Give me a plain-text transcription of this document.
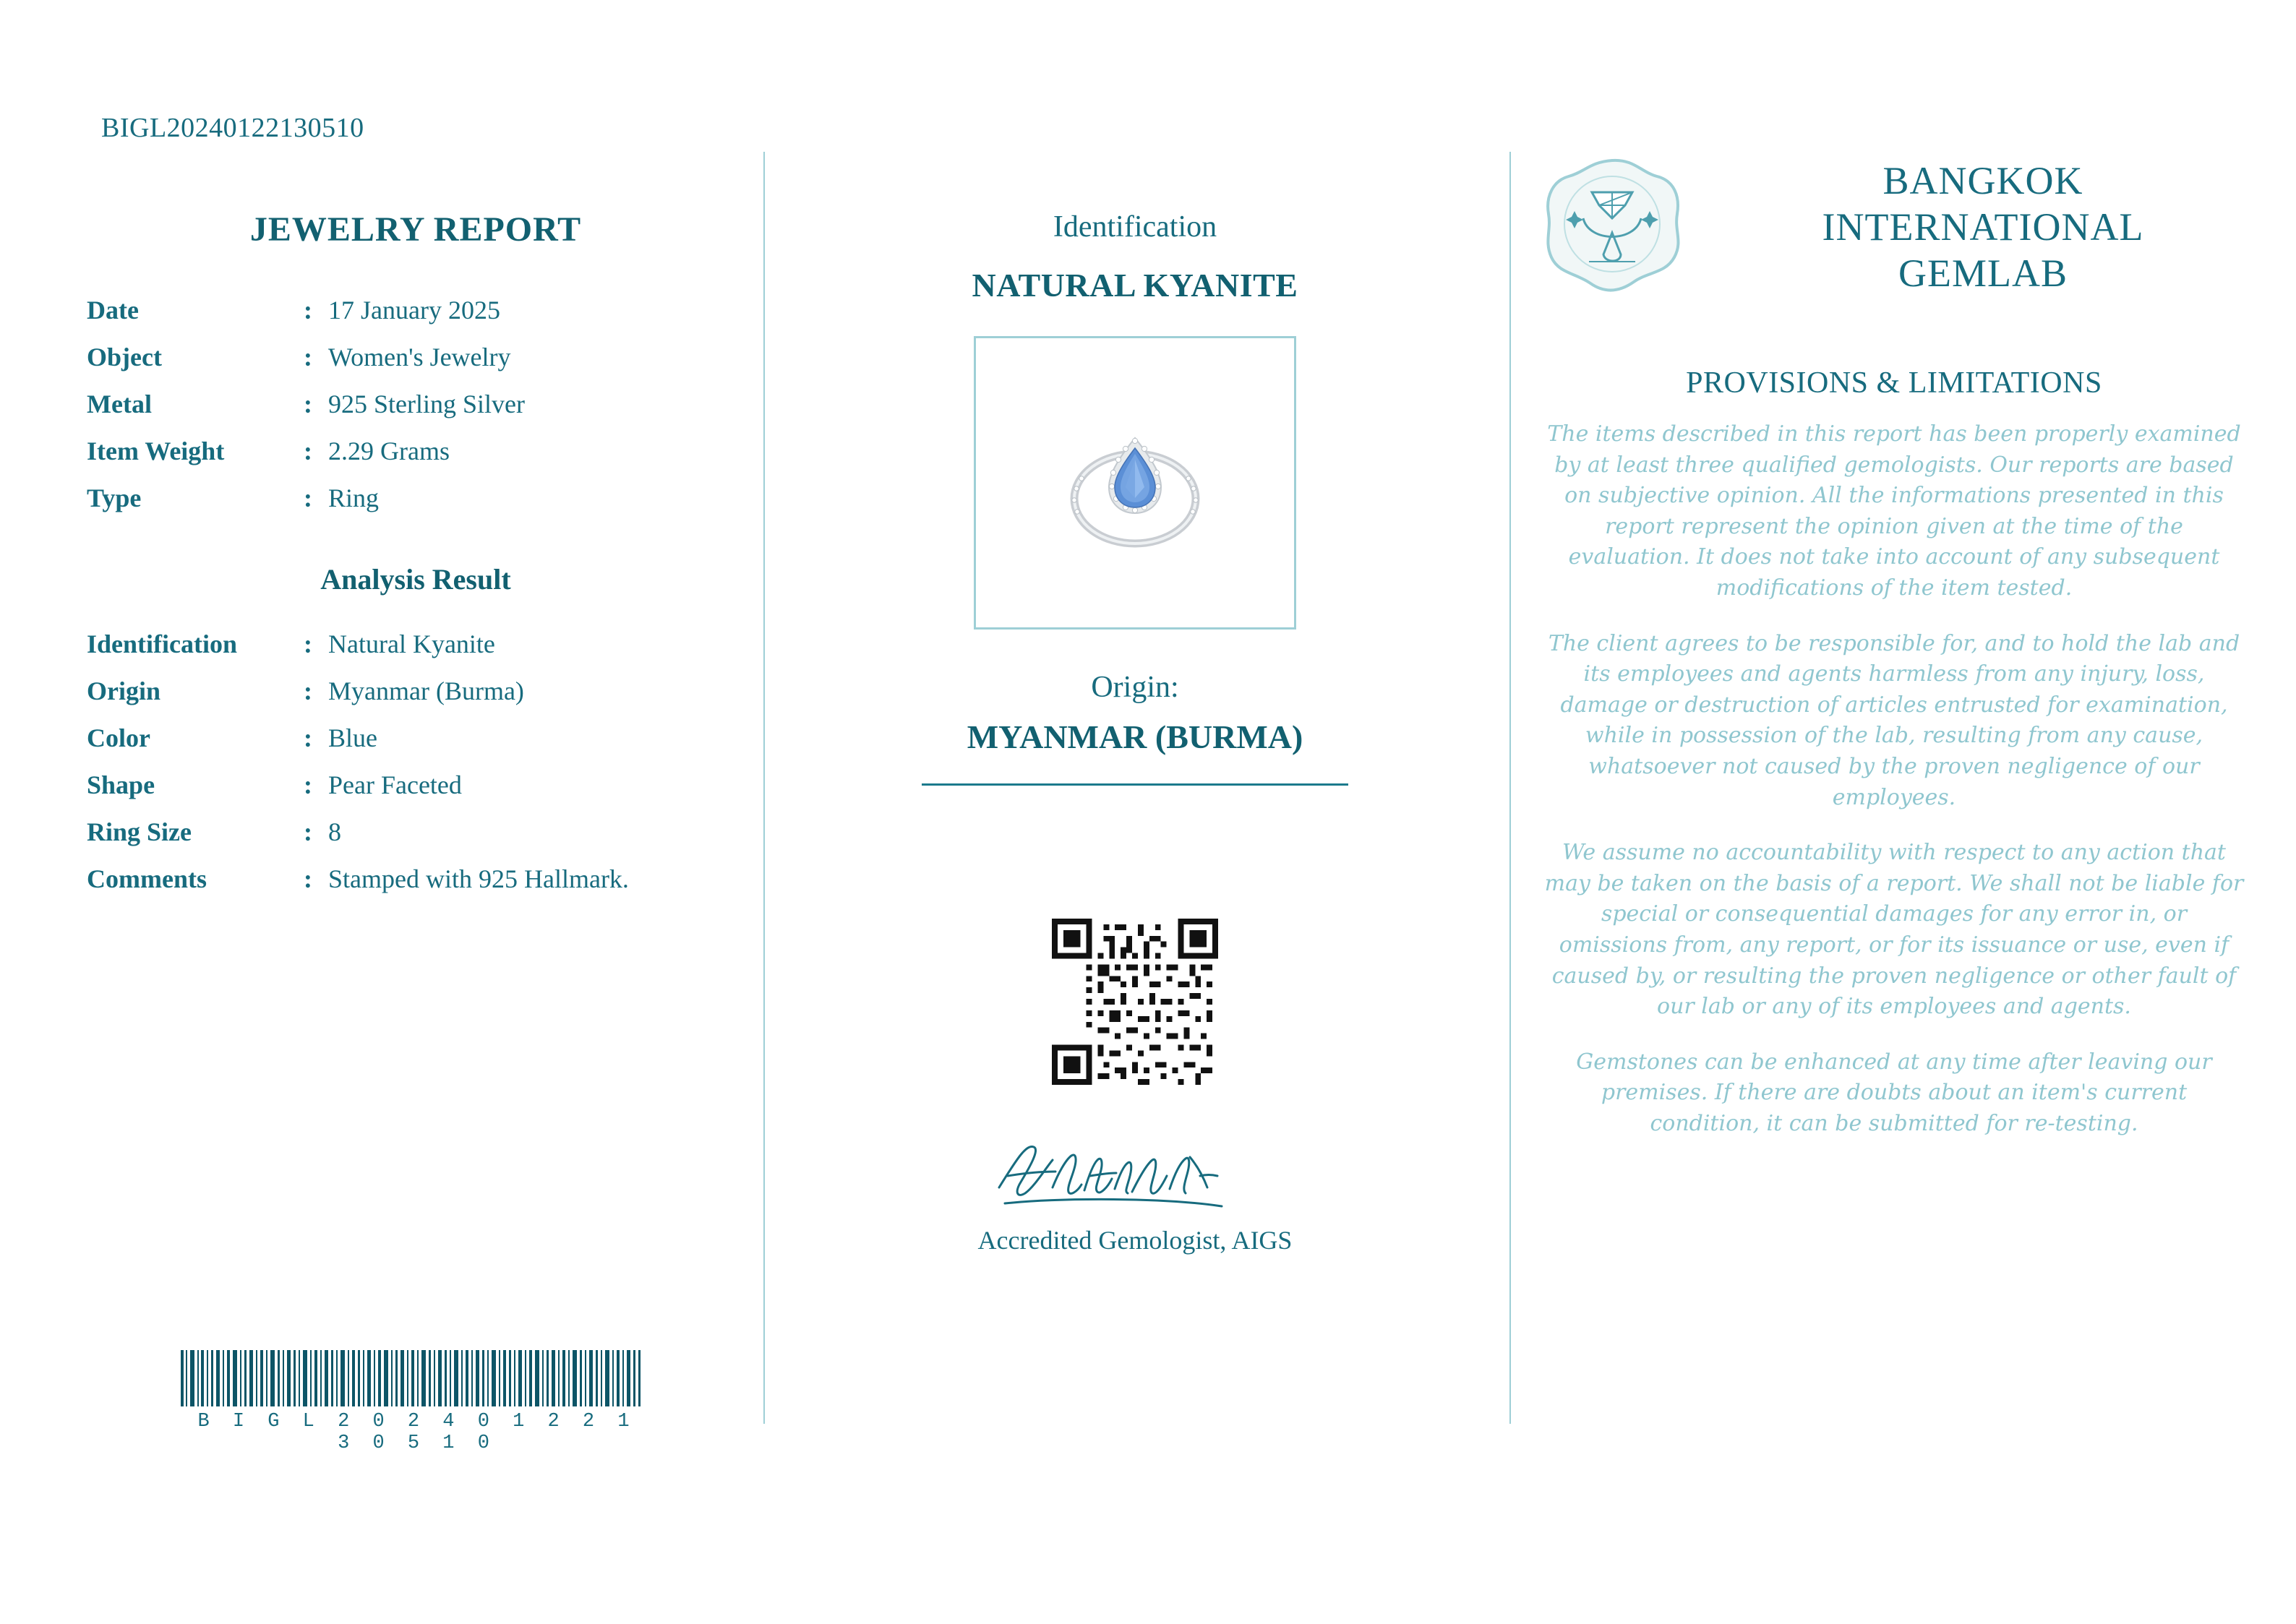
BIGL20240122130510
JEWELRY REPORT
Date	:	17 January 2025
Object	:	Women's Jewelry
Metal	:	925 Sterling Silver
Item Weight	:	2.29 Grams
Type	:	Ring
Analysis Result
Identification	:	Natural Kyanite
Origin	:	Myanmar (Burma)
Color	:	Blue
Shape	:	Pear Faceted
Ring Size	:	8
Comments	:	Stamped with 925 Hallmark.
B I G L 2 0 2 4 0 1 2 2 1 3 0 5 1 0
Identification
NATURAL KYANITE
Origin:
MYANMAR (BURMA)
Accredited Gemologist, AIGS
BANGKOK
INTERNATIONAL
GEMLAB
PROVISIONS & LIMITATIONS

The items described in this report has been properly examined by at least three qualified gemologists. Our reports are based on subjective opinion. All the informations presented in this report represent the opinion given at the time of the evaluation. It does not take into account of any subsequent modifications of the item tested.

The client agrees to be responsible for, and to hold the lab and its employees and agents harmless from any injury, loss, damage or destruction of articles entrusted for examination, while in possession of the lab, resulting from any cause, whatsoever not caused by the proven negligence of our employees.

We assume no accountability with respect to any action that may be taken on the basis of a report. We shall not be liable for special or consequential damages for any error in, or omissions from, any report, or for its issuance or use, even if caused by, or resulting the proven negligence or other fault of our lab or any of its employees and agents.

Gemstones can be enhanced at any time after leaving our premises. If there are doubts about an item's current condition, it can be submitted for re-testing.
